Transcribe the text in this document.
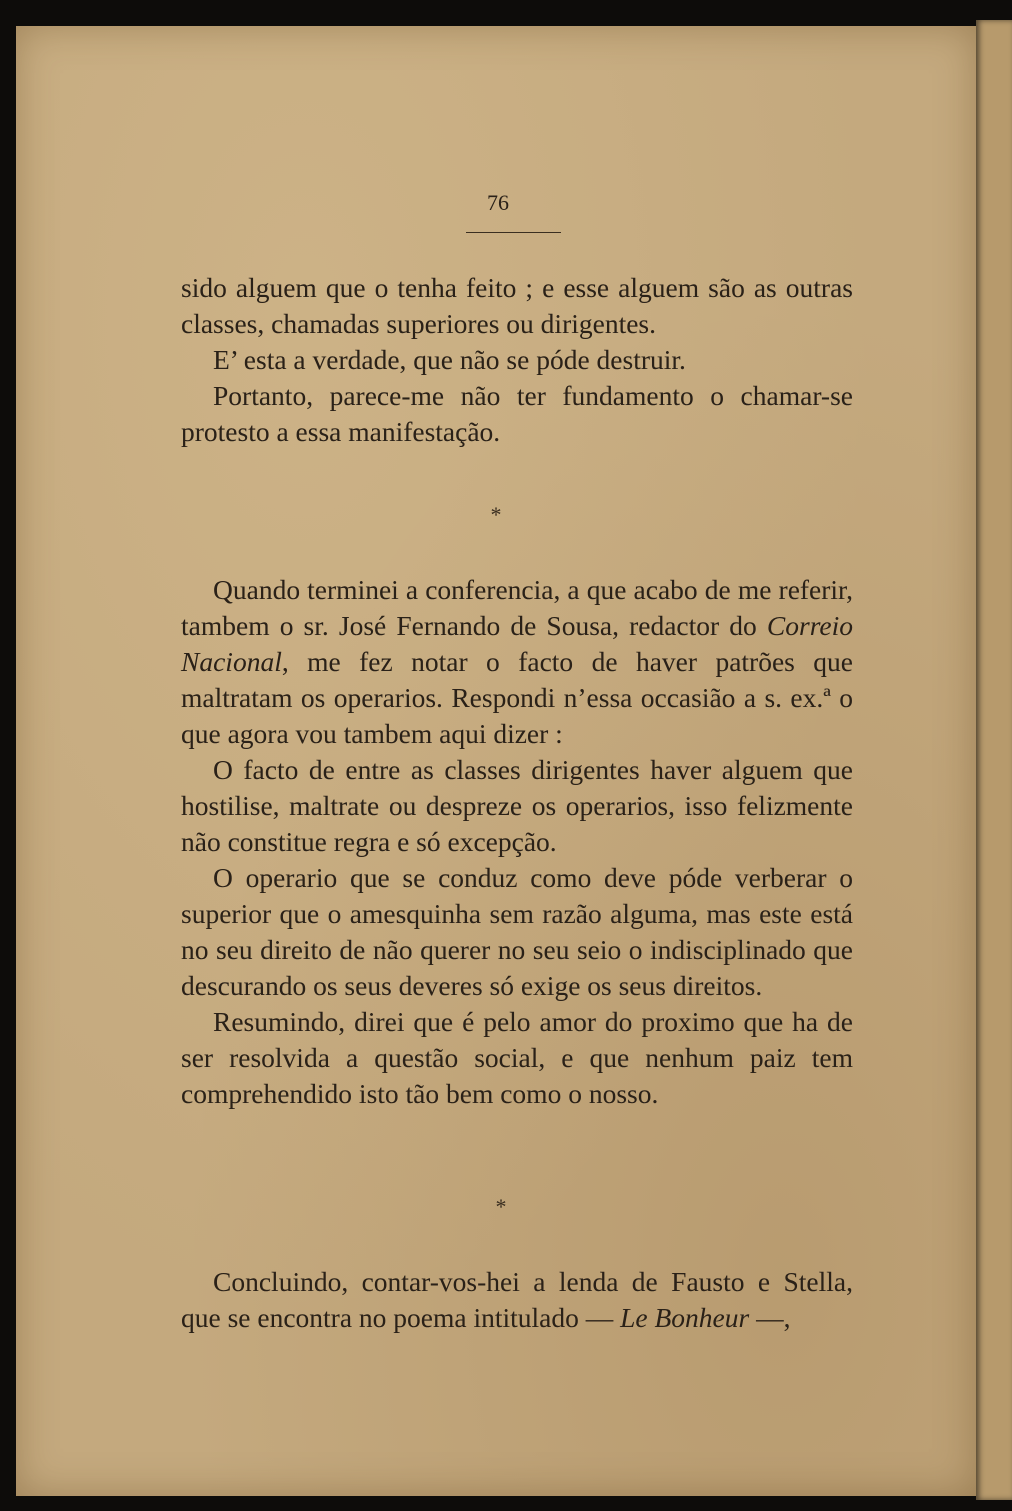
76

sido alguem que o tenha feito ; e esse alguem são as outras classes, chamadas superiores ou dirigentes.

E’ esta a verdade, que não se póde destruir.

Portanto, parece-me não ter fundamento o chamar-se protesto a essa manifestação.

*

Quando terminei a conferencia, a que acabo de me referir, tambem o sr. José Fernando de Sousa, redactor do Correio Nacional, me fez notar o facto de haver patrões que maltratam os operarios. Respondi n’essa occasião a s. ex.ª o que agora vou tambem aqui dizer :

O facto de entre as classes dirigentes haver alguem que hostilise, maltrate ou despreze os operarios, isso felizmente não constitue regra e só excepção.

O operario que se conduz como deve póde verberar o superior que o amesquinha sem razão alguma, mas este está no seu direito de não querer no seu seio o indisciplinado que descurando os seus deveres só exige os seus direitos.

Resumindo, direi que é pelo amor do proximo que ha de ser resolvida a questão social, e que nenhum paiz tem comprehendido isto tão bem como o nosso.

*

Concluindo, contar-vos-hei a lenda de Fausto e Stella, que se encontra no poema intitulado — Le Bonheur —,
